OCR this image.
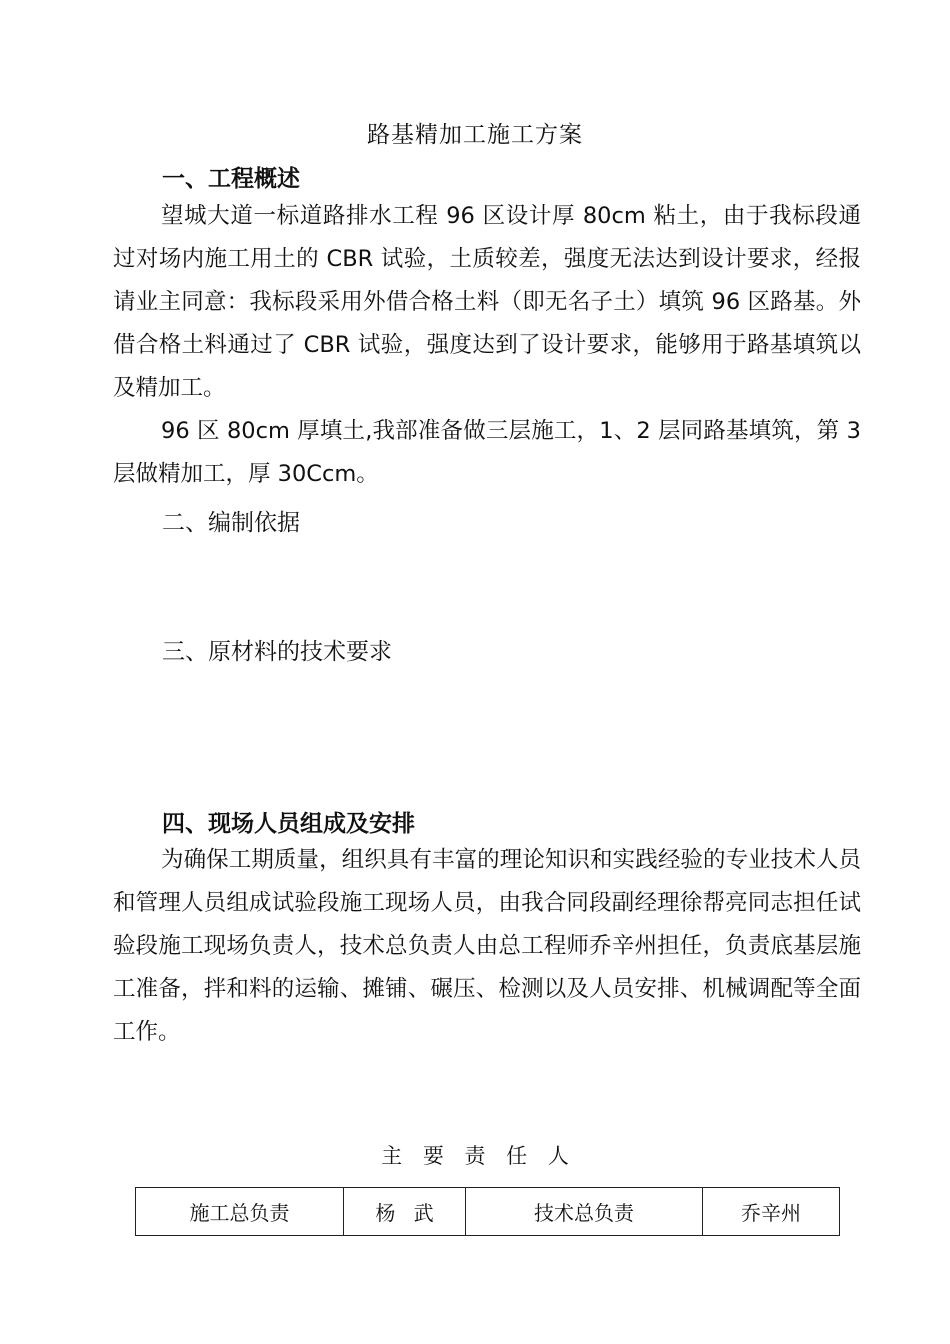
路基精加工施工方案
一、工程概述
望城大道一标道路排水工程 96 区设计厚 80cm 粘土，由于我标段通过对场内施工用土的 CBR 试验，土质较差，强度无法达到设计要求，经报请业主同意：我标段采用外借合格土料（即无名子土）填筑 96 区路基。外借合格土料通过了 CBR 试验，强度达到了设计要求，能够用于路基填筑以及精加工。
96 区 80cm 厚填土,我部准备做三层施工，1、2 层同路基填筑，第 3 层做精加工，厚 30Ccm。
二、编制依据
三、原材料的技术要求
四、现场人员组成及安排
为确保工期质量，组织具有丰富的理论知识和实践经验的专业技术人员和管理人员组成试验段施工现场人员，由我合同段副经理徐帮亮同志担任试验段施工现场负责人，技术总负责人由总工程师乔辛州担任，负责底基层施工准备，拌和料的运输、摊铺、碾压、检测以及人员安排、机械调配等全面工作。
主 要 责 任 人
施工总负责	杨 武	技术总负责	乔辛州
